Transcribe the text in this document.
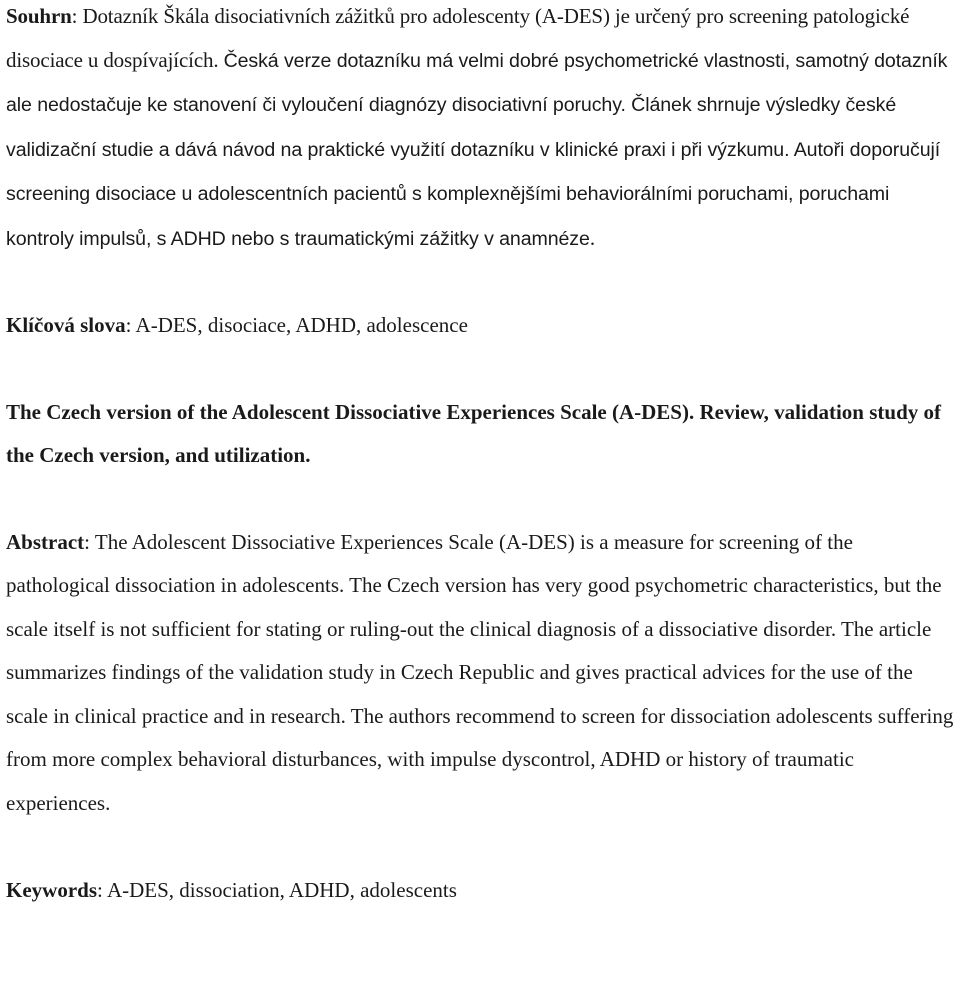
Souhrn: Dotazník Škála disociativních zážitků pro adolescenty (A-DES) je určený pro screening patologické disociace u dospívajících. Česká verze dotazníku má velmi dobré psychometrické vlastnosti, samotný dotazník ale nedostačuje ke stanovení či vyloučení diagnózy disociativní poruchy. Článek shrnuje výsledky české validizační studie a dává návod na praktické využití dotazníku v klinické praxi i při výzkumu. Autoři doporučují screening disociace u adolescentních pacientů s komplexnějšími behaviorálními poruchami, poruchami kontroly impulsů, s ADHD nebo s traumatickými zážitky v anamnéze.

Klíčová slova: A-DES, disociace, ADHD, adolescence

The Czech version of the Adolescent Dissociative Experiences Scale (A-DES). Review, validation study of the Czech version, and utilization.

Abstract: The Adolescent Dissociative Experiences Scale (A-DES) is a measure for screening of the pathological dissociation in adolescents. The Czech version has very good psychometric characteristics, but the scale itself is not sufficient for stating or ruling-out the clinical diagnosis of a dissociative disorder. The article summarizes findings of the validation study in Czech Republic and gives practical advices for the use of the scale in clinical practice and in research. The authors recommend to screen for dissociation adolescents suffering from more complex behavioral disturbances, with impulse dyscontrol, ADHD or history of traumatic experiences.

Keywords: A-DES, dissociation, ADHD, adolescents
